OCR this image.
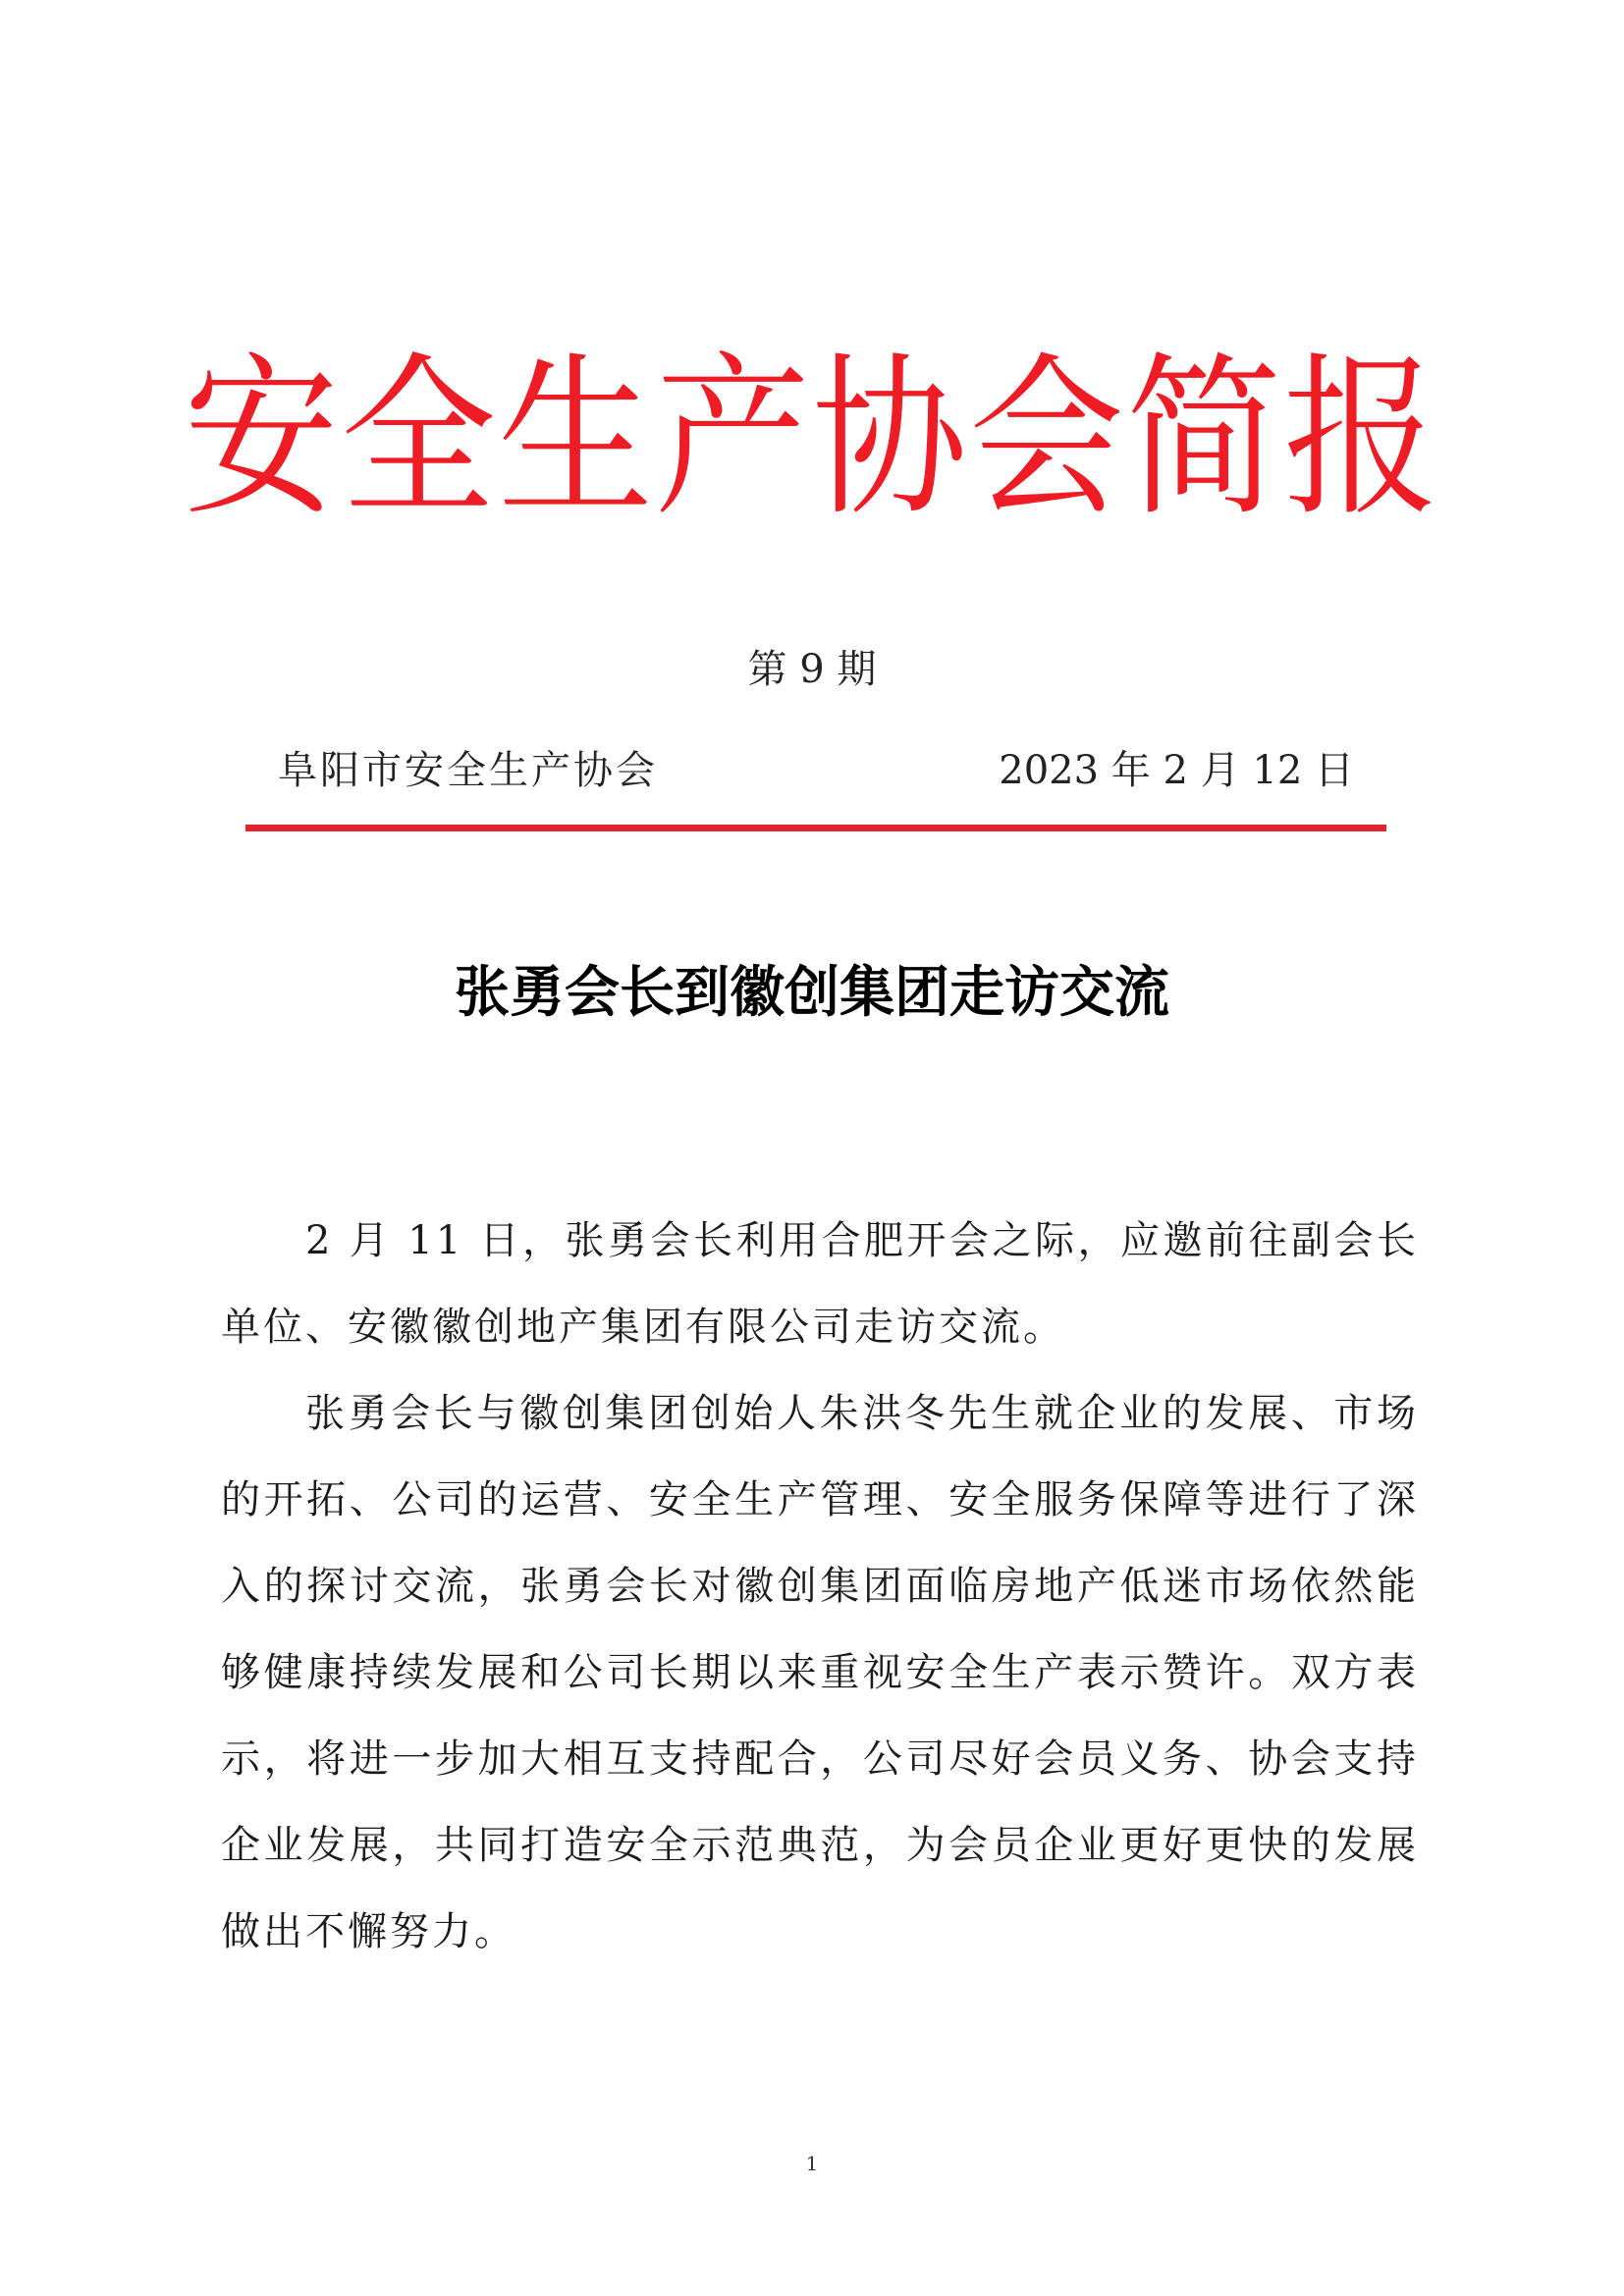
安全生产协会简报
第 9 期
阜阳市安全生产协会	2023 年 2 月 12 日
张勇会长到徽创集团走访交流

2 月 11 日，张勇会长利用合肥开会之际，应邀前往副会长单位、安徽徽创地产集团有限公司走访交流。

张勇会长与徽创集团创始人朱洪冬先生就企业的发展、市场的开拓、公司的运营、安全生产管理、安全服务保障等进行了深入的探讨交流，张勇会长对徽创集团面临房地产低迷市场依然能够健康持续发展和公司长期以来重视安全生产表示赞许。双方表示，将进一步加大相互支持配合，公司尽好会员义务、协会支持企业发展，共同打造安全示范典范，为会员企业更好更快的发展做出不懈努力。

1
